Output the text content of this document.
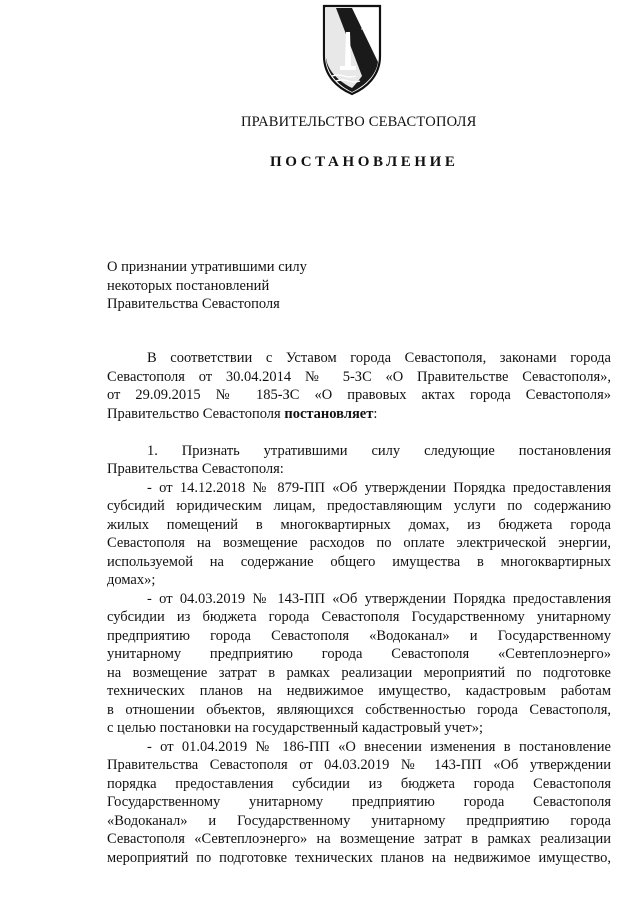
ПРАВИТЕЛЬСТВО СЕВАСТОПОЛЯ
ПОСТАНОВЛЕНИЕ
О признании утратившими силу
некоторых постановлений
Правительства Севастополя
В соответствии с Уставом города Севастополя, законами города
Севастополя от 30.04.2014 № 5-ЗС «О Правительстве Севастополя»,
от 29.09.2015 № 185-ЗС «О правовых актах города Севастополя»
Правительство Севастополя постановляет:
1. Признать утратившими силу следующие постановления
Правительства Севастополя:
- от 14.12.2018 № 879-ПП «Об утверждении Порядка предоставления
субсидий юридическим лицам, предоставляющим услуги по содержанию
жилых помещений в многоквартирных домах, из бюджета города
Севастополя на возмещение расходов по оплате электрической энергии,
используемой на содержание общего имущества в многоквартирных
домах»;
- от 04.03.2019 № 143-ПП «Об утверждении Порядка предоставления
субсидии из бюджета города Севастополя Государственному унитарному
предприятию города Севастополя «Водоканал» и Государственному
унитарному предприятию города Севастополя «Севтеплоэнерго»
на возмещение затрат в рамках реализации мероприятий по подготовке
технических планов на недвижимое имущество, кадастровым работам
в отношении объектов, являющихся собственностью города Севастополя,
с целью постановки на государственный кадастровый учет»;
- от 01.04.2019 № 186-ПП «О внесении изменения в постановление
Правительства Севастополя от 04.03.2019 № 143-ПП «Об утверждении
порядка предоставления субсидии из бюджета города Севастополя
Государственному унитарному предприятию города Севастополя
«Водоканал» и Государственному унитарному предприятию города
Севастополя «Севтеплоэнерго» на возмещение затрат в рамках реализации
мероприятий по подготовке технических планов на недвижимое имущество,
